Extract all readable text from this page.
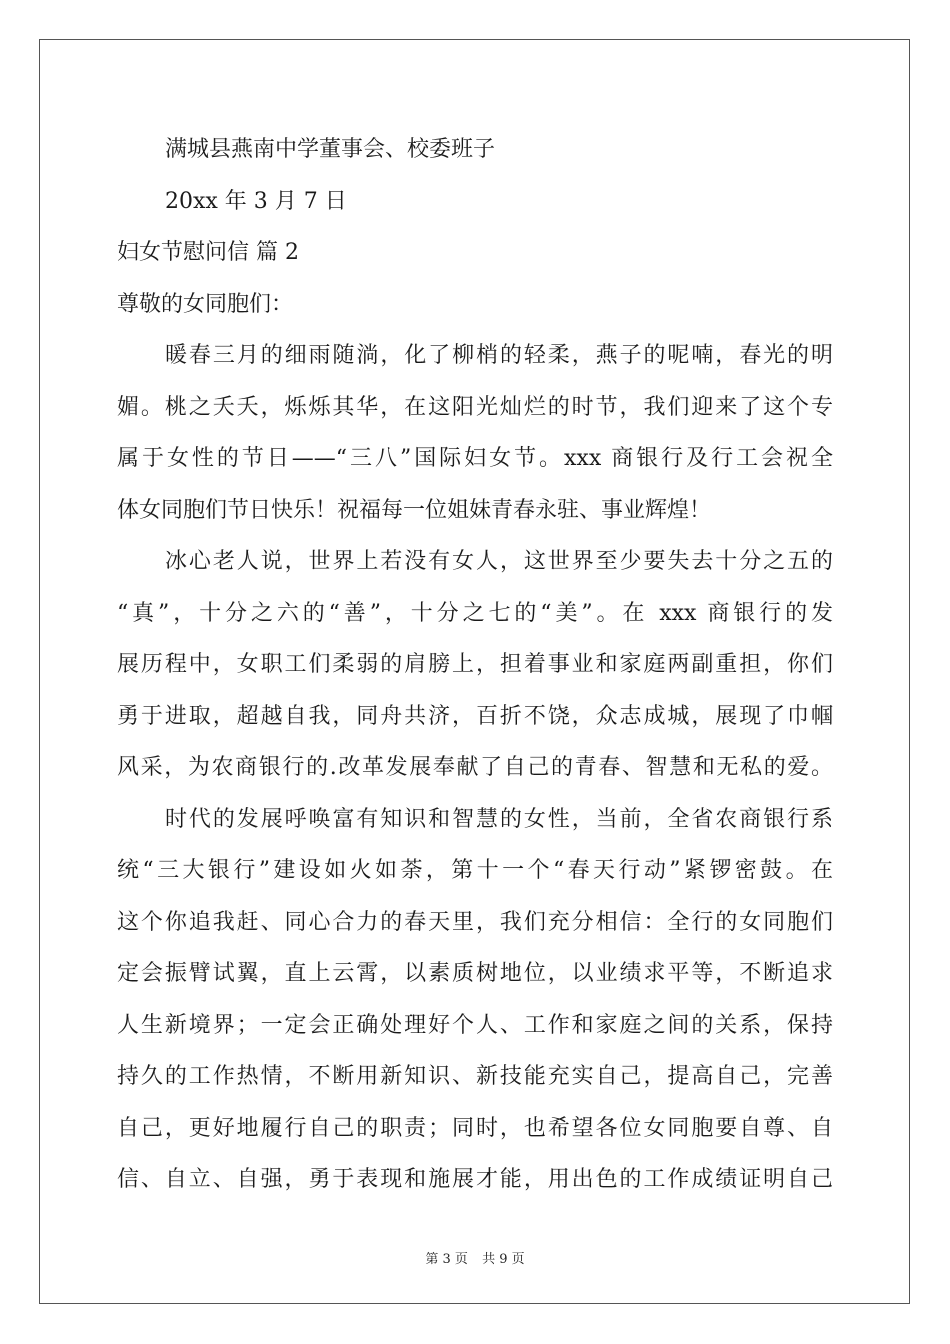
满城县燕南中学董事会、校委班子
20xx 年 3 月 7 日
妇女节慰问信 篇 2
尊敬的女同胞们：
暖春三月的细雨随淌，化了柳梢的轻柔，燕子的呢喃，春光的明
媚。桃之夭夭，烁烁其华，在这阳光灿烂的时节，我们迎来了这个专
属于女性的节日——“三八”国际妇女节。xxx 商银行及行工会祝全
体女同胞们节日快乐！祝福每一位姐妹青春永驻、事业辉煌！
冰心老人说，世界上若没有女人，这世界至少要失去十分之五的
“真”，十分之六的“善”，十分之七的“美”。在 xxx 商银行的发
展历程中，女职工们柔弱的肩膀上，担着事业和家庭两副重担，你们
勇于进取，超越自我，同舟共济，百折不饶，众志成城，展现了巾帼
风采，为农商银行的.改革发展奉献了自己的青春、智慧和无私的爱。
时代的发展呼唤富有知识和智慧的女性，当前，全省农商银行系
统“三大银行”建设如火如荼，第十一个“春天行动”紧锣密鼓。在
这个你追我赶、同心合力的春天里，我们充分相信：全行的女同胞们
定会振臂试翼，直上云霄，以素质树地位，以业绩求平等，不断追求
人生新境界；一定会正确处理好个人、工作和家庭之间的关系，保持
持久的工作热情，不断用新知识、新技能充实自己，提高自己，完善
自己，更好地履行自己的职责；同时，也希望各位女同胞要自尊、自
信、自立、自强，勇于表现和施展才能，用出色的工作成绩证明自己
第 3 页 共 9 页
